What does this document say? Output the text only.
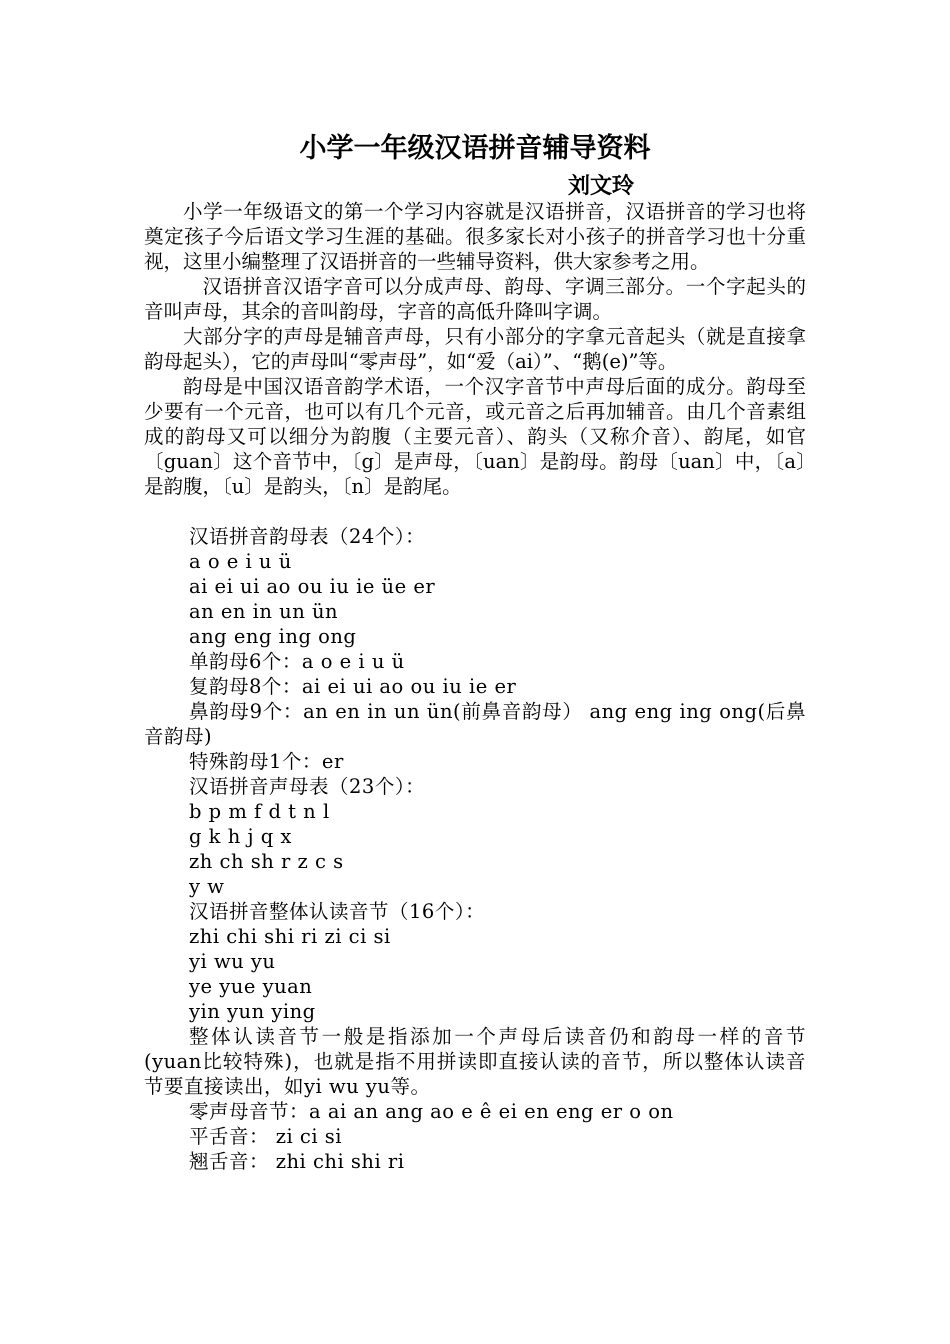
小学一年级汉语拼音辅导资料
刘文玲

小学一年级语文的第一个学习内容就是汉语拼音，汉语拼音的学习也将奠定孩子今后语文学习生涯的基础。很多家长对小孩子的拼音学习也十分重视，这里小编整理了汉语拼音的一些辅导资料，供大家参考之用。

汉语拼音汉语字音可以分成声母、韵母、字调三部分。一个字起头的音叫声母，其余的音叫韵母，字音的高低升降叫字调。

大部分字的声母是辅音声母，只有小部分的字拿元音起头（就是直接拿韵母起头），它的声母叫“零声母”，如“爱（ai）”、“鹅(e)”等。

韵母是中国汉语音韵学术语，一个汉字音节中声母后面的成分。韵母至少要有一个元音，也可以有几个元音，或元音之后再加辅音。由几个音素组成的韵母又可以细分为韵腹（主要元音）、韵头（又称介音）、韵尾，如官〔guan〕这个音节中，〔g〕是声母，〔uan〕是韵母。韵母〔uan〕中，〔a〕是韵腹，〔u〕是韵头，〔n〕是韵尾。

汉语拼音韵母表（24个）：

a o e i u ü

ai ei ui ao ou iu ie üe er

an en in un ün

ang eng ing ong

单韵母6个：a o e i u ü

复韵母8个：ai ei ui ao ou iu ie er

鼻韵母9个：an en in un ün(前鼻音韵母） ang eng ing ong(后鼻音韵母)

特殊韵母1个：er

汉语拼音声母表（23个）：

b p m f d t n l

g k h j q x

zh ch sh r z c s

y w

汉语拼音整体认读音节（16个）：

zhi chi shi ri zi ci si

yi wu yu

ye yue yuan

yin yun ying

整体认读音节一般是指添加一个声母后读音仍和韵母一样的音节(yuan比较特殊)，也就是指不用拼读即直接认读的音节，所以整体认读音节要直接读出，如yi wu yu等。

零声母音节：a ai an ang ao e ê ei en eng er o on

平舌音： zi ci si

翘舌音： zhi chi shi ri
